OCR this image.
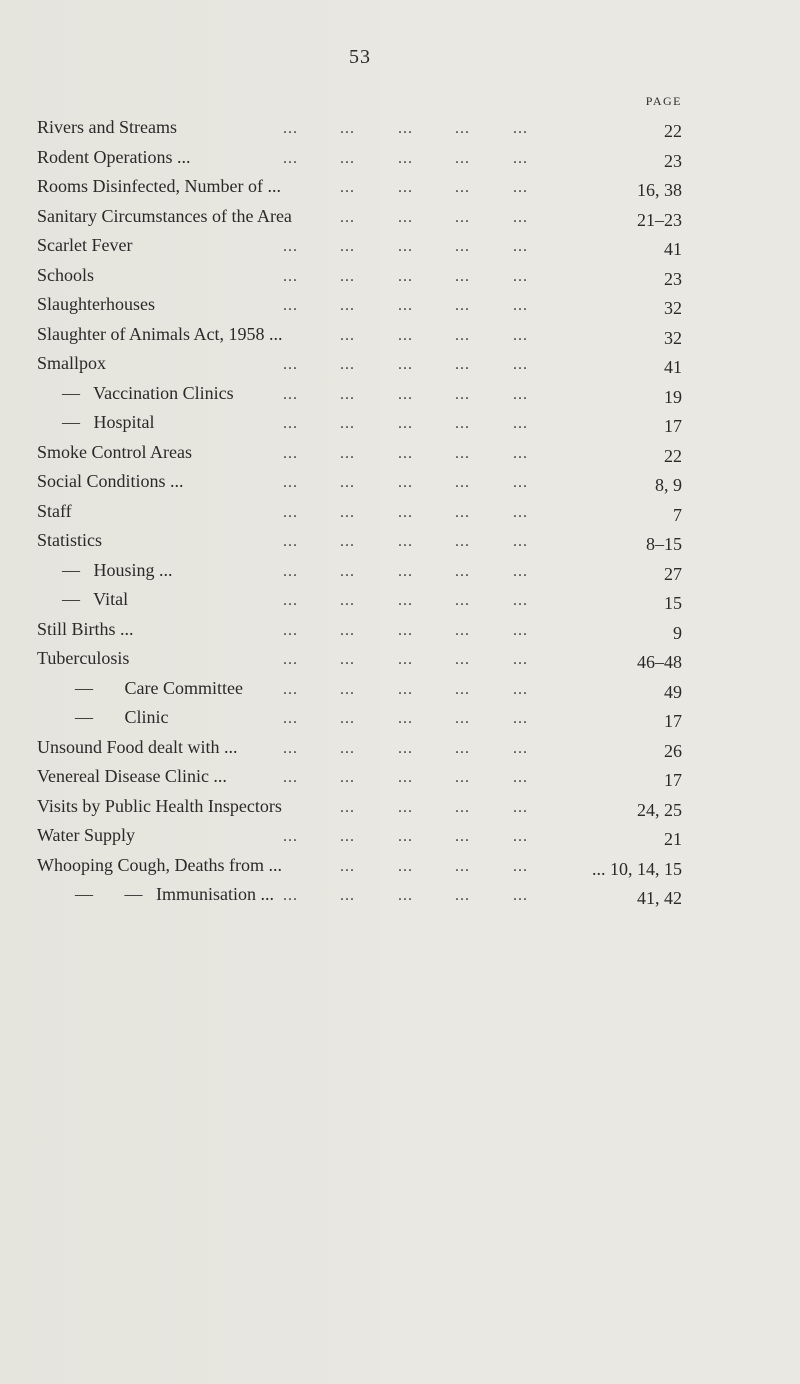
53
PAGE
Rivers and Streams	22
...	...	...	...	...
Rodent Operations ...	23
...	...	...	...	...
Rooms Disinfected, Number of ...	16, 38
...	...	...	...
Sanitary Circumstances of the Area	21–23
...	...	...	...
Scarlet Fever	41
...	...	...	...	...
Schools	23
...	...	...	...	...
Slaughterhouses	32
...	...	...	...	...
Slaughter of Animals Act, 1958 ...	32
...	...	...	...
Smallpox	41
...	...	...	...	...
—   Vaccination Clinics	19
...	...	...	...	...
—   Hospital	17
...	...	...	...	...
Smoke Control Areas	22
...	...	...	...	...
Social Conditions ...	8, 9
...	...	...	...	...
Staff	7
...	...	...	...	...
Statistics	8–15
...	...	...	...	...
—   Housing ...	27
...	...	...	...	...
—   Vital	15
...	...	...	...	...
Still Births ...	9
...	...	...	...	...
Tuberculosis	46–48
...	...	...	...	...
—       Care Committee	49
...	...	...	...	...
—       Clinic	17
...	...	...	...	...
Unsound Food dealt with ...	26
...	...	...	...	...
Venereal Disease Clinic ...	17
...	...	...	...	...
Visits by Public Health Inspectors	24, 25
...	...	...	...
Water Supply	21
...	...	...	...	...
Whooping Cough, Deaths from ...	... 10, 14, 15
...	...	...	...
—       —   Immunisation ...	41, 42
...	...	...	...	...
